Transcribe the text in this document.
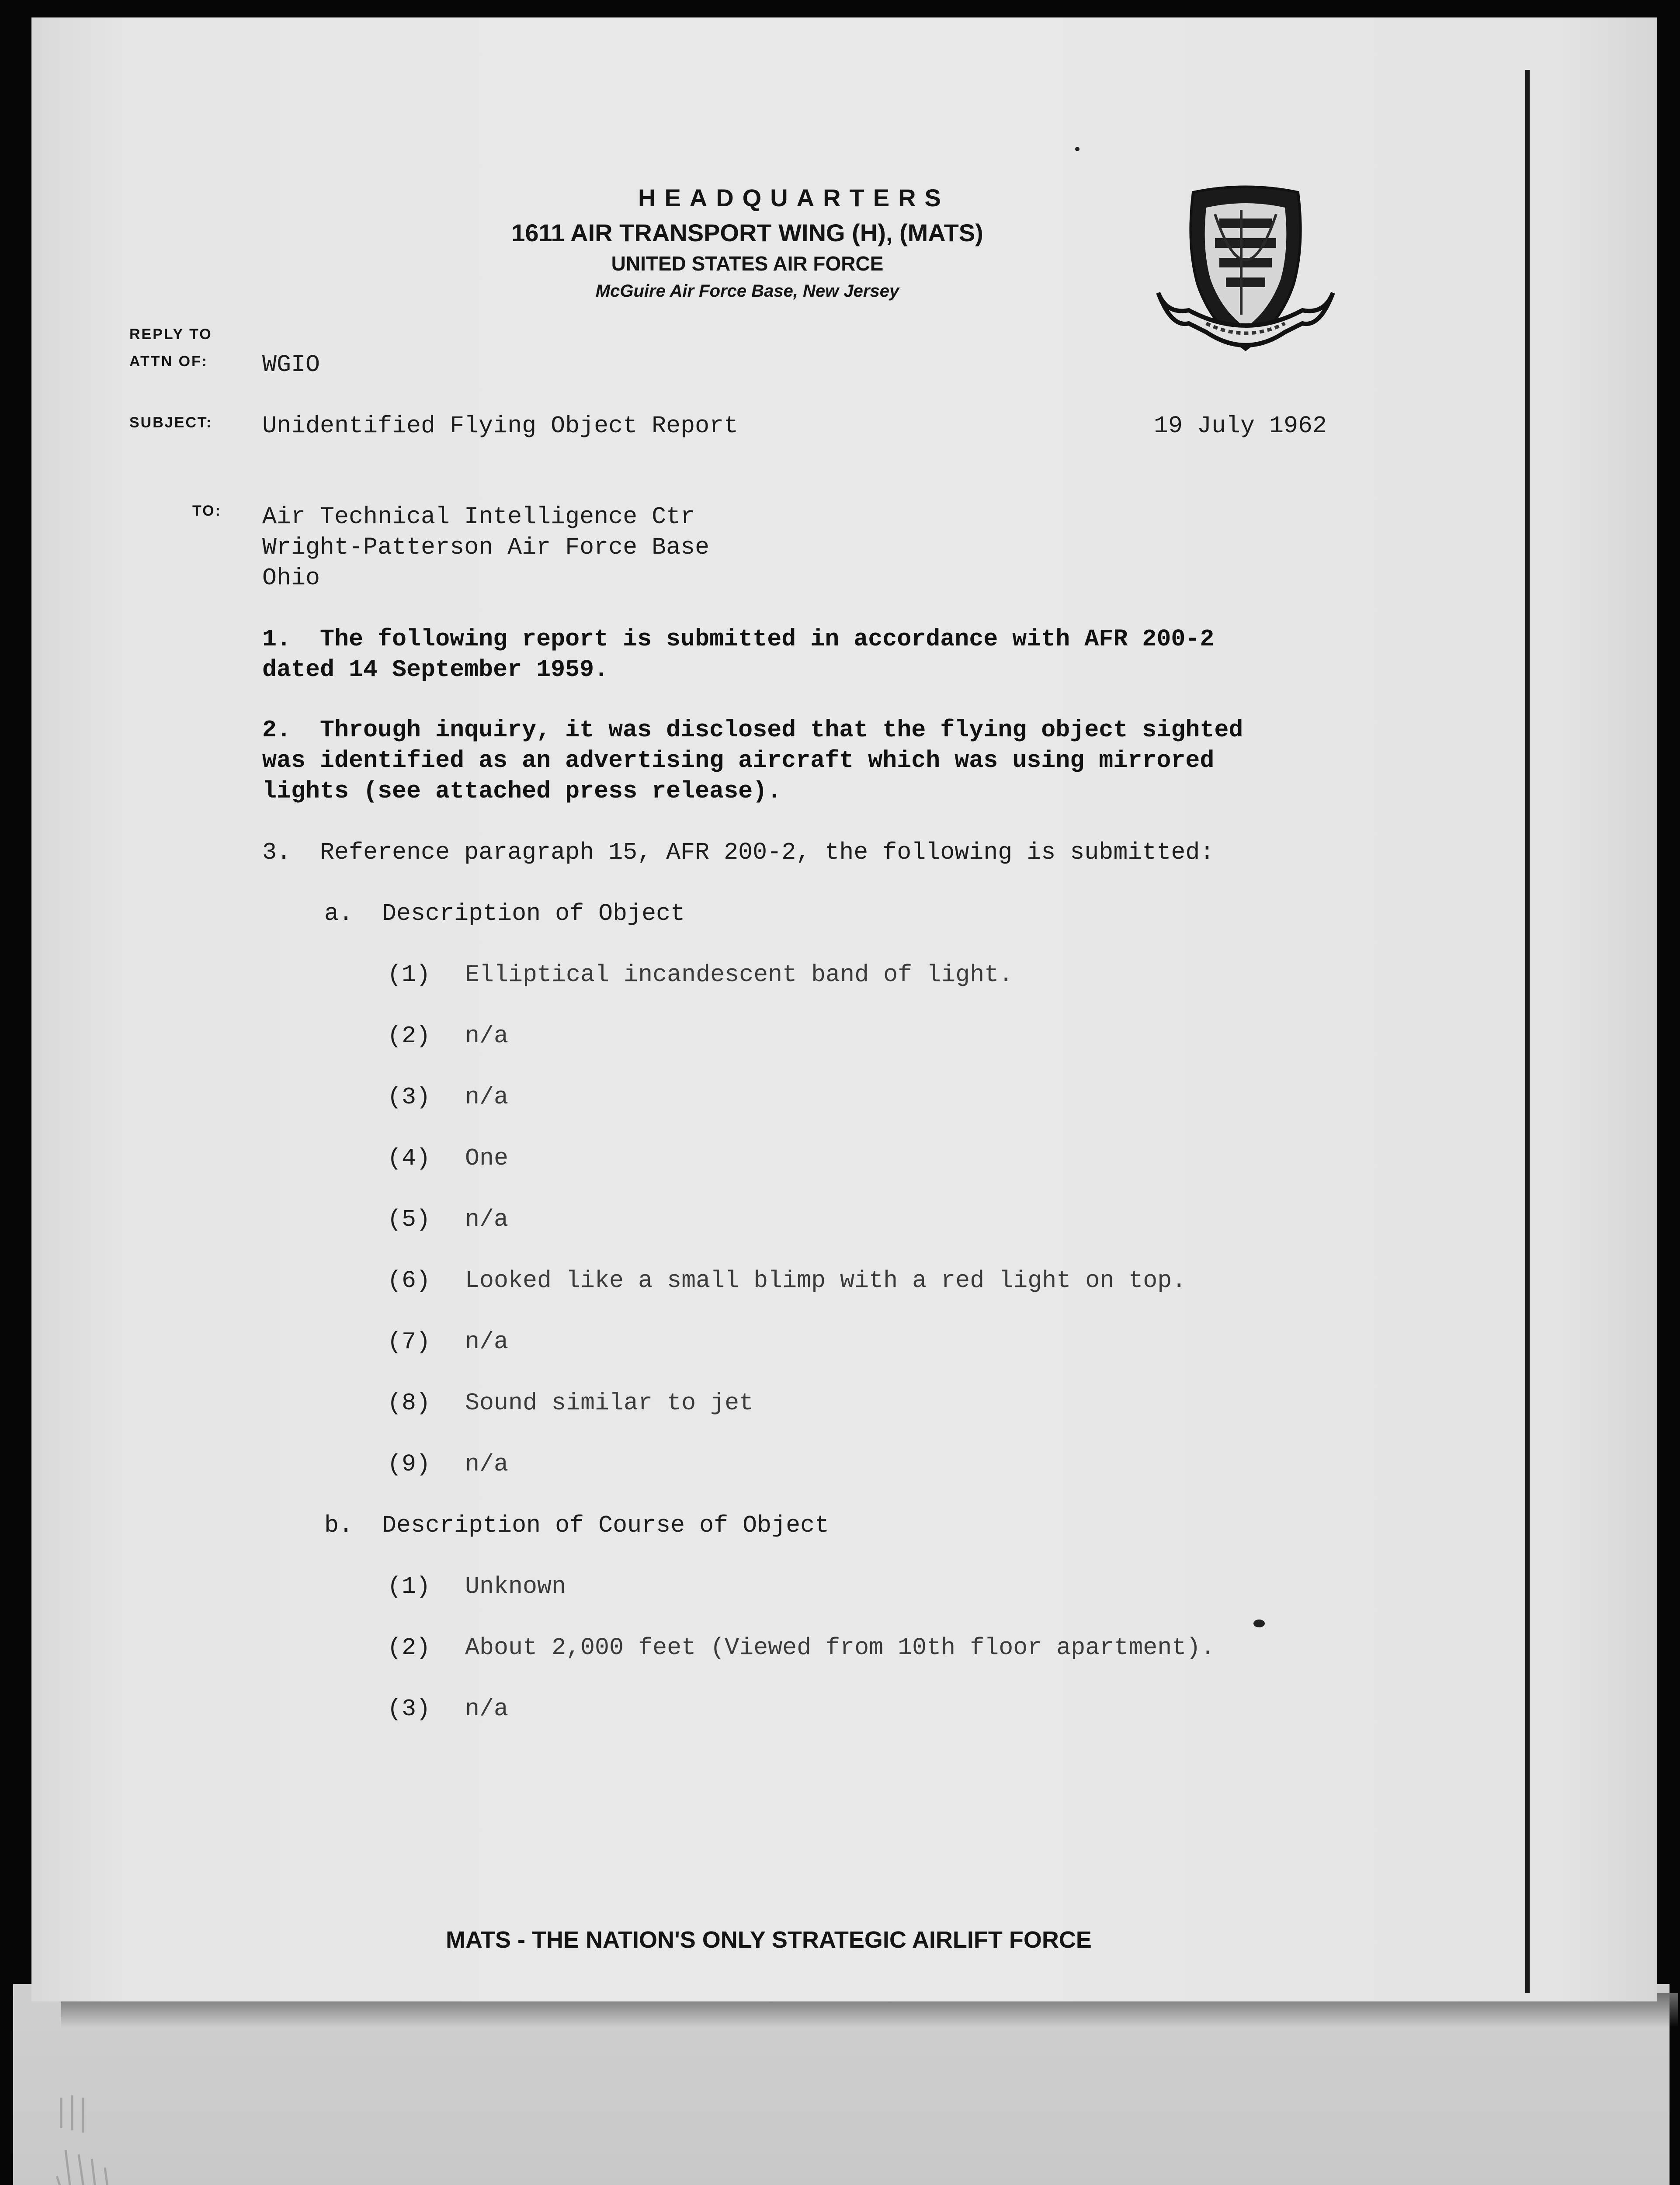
HEADQUARTERS
1611 AIR TRANSPORT WING (H), (MATS)
UNITED STATES AIR FORCE
McGuire Air Force Base, New Jersey
REPLY TO
ATTN OF: WGIO
SUBJECT: Unidentified Flying Object Report	19 July 1962
TO: Air Technical Intelligence Ctr
Wright-Patterson Air Force Base
Ohio
1.  The following report is submitted in accordance with AFR 200-2
dated 14 September 1959.
2.  Through inquiry, it was disclosed that the flying object sighted
was identified as an advertising aircraft which was using mirrored
lights (see attached press release).
3.  Reference paragraph 15, AFR 200-2, the following is submitted:
a.  Description of Object
(1) Elliptical incandescent band of light.
(2) n/a
(3) n/a
(4) One
(5) n/a
(6) Looked like a small blimp with a red light on top.
(7) n/a
(8) Sound similar to jet
(9) n/a
b.  Description of Course of Object
(1) Unknown
(2) About 2,000 feet (Viewed from 10th floor apartment).
(3) n/a
MATS - THE NATION'S ONLY STRATEGIC AIRLIFT FORCE
